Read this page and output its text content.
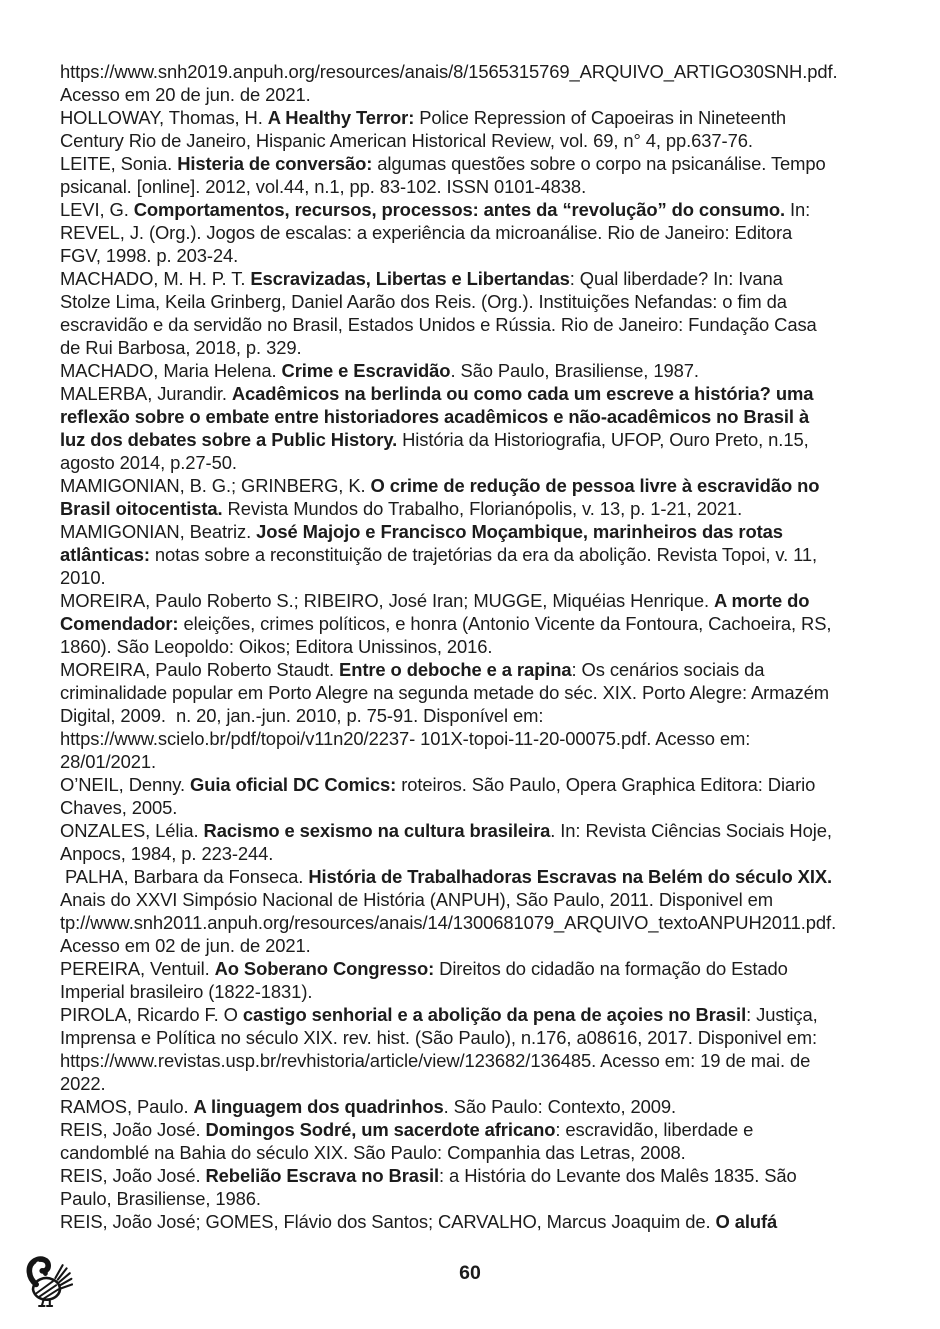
https://www.snh2019.anpuh.org/resources/anais/8/1565315769_ARQUIVO_ARTIGO30SNH.pdf.
Acesso em 20 de jun. de 2021.
HOLLOWAY, Thomas, H. A Healthy Terror: Police Repression of Capoeiras in Nineteenth
Century Rio de Janeiro, Hispanic American Historical Review, vol. 69, n° 4, pp.637-76.
LEITE, Sonia. Histeria de conversão: algumas questões sobre o corpo na psicanálise. Tempo
psicanal. [online]. 2012, vol.44, n.1, pp. 83-102. ISSN 0101-4838.
LEVI, G. Comportamentos, recursos, processos: antes da “revolução” do consumo. In:
REVEL, J. (Org.). Jogos de escalas: a experiência da microanálise. Rio de Janeiro: Editora
FGV, 1998. p. 203-24.
MACHADO, M. H. P. T. Escravizadas, Libertas e Libertandas: Qual liberdade? In: Ivana
Stolze Lima, Keila Grinberg, Daniel Aarão dos Reis. (Org.). Instituições Nefandas: o fim da
escravidão e da servidão no Brasil, Estados Unidos e Rússia. Rio de Janeiro: Fundação Casa
de Rui Barbosa, 2018, p. 329.
MACHADO, Maria Helena. Crime e Escravidão. São Paulo, Brasiliense, 1987.
MALERBA, Jurandir. Acadêmicos na berlinda ou como cada um escreve a história? uma
reflexão sobre o embate entre historiadores acadêmicos e não-acadêmicos no Brasil à
luz dos debates sobre a Public History. História da Historiografia, UFOP, Ouro Preto, n.15,
agosto 2014, p.27-50.
MAMIGONIAN, B. G.; GRINBERG, K. O crime de redução de pessoa livre à escravidão no
Brasil oitocentista. Revista Mundos do Trabalho, Florianópolis, v. 13, p. 1-21, 2021.
MAMIGONIAN, Beatriz. José Majojo e Francisco Moçambique, marinheiros das rotas
atlânticas: notas sobre a reconstituição de trajetórias da era da abolição. Revista Topoi, v. 11,
2010.
MOREIRA, Paulo Roberto S.; RIBEIRO, José Iran; MUGGE, Miquéias Henrique. A morte do
Comendador: eleições, crimes políticos, e honra (Antonio Vicente da Fontoura, Cachoeira, RS,
1860). São Leopoldo: Oikos; Editora Unissinos, 2016.
MOREIRA, Paulo Roberto Staudt. Entre o deboche e a rapina: Os cenários sociais da
criminalidade popular em Porto Alegre na segunda metade do séc. XIX. Porto Alegre: Armazém
Digital, 2009.  n. 20, jan.-jun. 2010, p. 75-91. Disponível em:
https://www.scielo.br/pdf/topoi/v11n20/2237- 101X-topoi-11-20-00075.pdf. Acesso em:
28/01/2021.
O’NEIL, Denny. Guia oficial DC Comics: roteiros. São Paulo, Opera Graphica Editora: Diario
Chaves, 2005.
ONZALES, Lélia. Racismo e sexismo na cultura brasileira. In: Revista Ciências Sociais Hoje,
Anpocs, 1984, p. 223-244.
PALHA, Barbara da Fonseca. História de Trabalhadoras Escravas na Belém do século XIX.
Anais do XXVI Simpósio Nacional de História (ANPUH), São Paulo, 2011. Disponivel em
tp://www.snh2011.anpuh.org/resources/anais/14/1300681079_ARQUIVO_textoANPUH2011.pdf.
Acesso em 02 de jun. de 2021.
PEREIRA, Ventuil. Ao Soberano Congresso: Direitos do cidadão na formação do Estado
Imperial brasileiro (1822-1831).
PIROLA, Ricardo F. O castigo senhorial e a abolição da pena de açoies no Brasil: Justiça,
Imprensa e Política no século XIX. rev. hist. (São Paulo), n.176, a08616, 2017. Disponivel em:
https://www.revistas.usp.br/revhistoria/article/view/123682/136485. Acesso em: 19 de mai. de
2022.
RAMOS, Paulo. A linguagem dos quadrinhos. São Paulo: Contexto, 2009.
REIS, João José. Domingos Sodré, um sacerdote africano: escravidão, liberdade e
candomblé na Bahia do século XIX. São Paulo: Companhia das Letras, 2008.
REIS, João José. Rebelião Escrava no Brasil: a História do Levante dos Malês 1835. São
Paulo, Brasiliense, 1986.
REIS, João José; GOMES, Flávio dos Santos; CARVALHO, Marcus Joaquim de. O alufá
60
